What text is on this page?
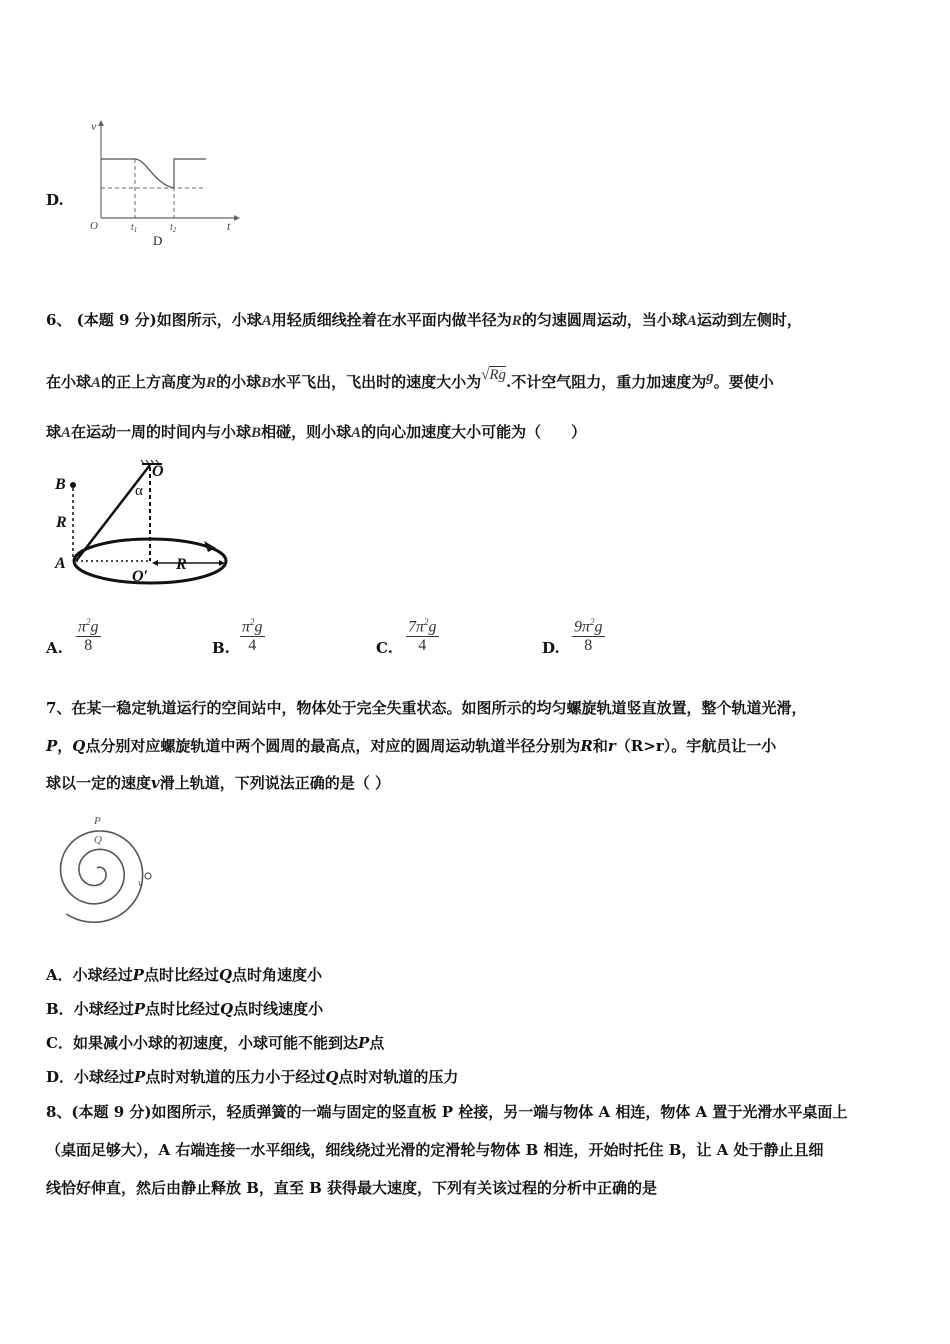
D.
v
t
O	$t_1$	$t_2$
D
6、 (本题 9 分)如图所示，小球A用轻质细线拴着在水平面内做半径为R的匀速圆周运动，当小球A运动到左侧时，
在小球A的正上方高度为R的小球B水平飞出，飞出时的速度大小为√Rg.不计空气阻力，重力加速度为g。要使小
球A在运动一周的时间内与小球B相碰，则小球A的向心加速度大小可能为（　　）
B
R
A
O
α
O′
R
A. $\frac{\pi^2g}{8}$	B. $\frac{\pi^2g}{4}$	C. $\frac{7\pi^2g}{4}$	D. $\frac{9\pi^2g}{8}$
7、在某一稳定轨道运行的空间站中，物体处于完全失重状态。如图所示的均匀螺旋轨道竖直放置，整个轨道光滑，
P，Q点分别对应螺旋轨道中两个圆周的最高点，对应的圆周运动轨道半径分别为R和r（R>r）。宇航员让一小
球以一定的速度v滑上轨道，下列说法正确的是（ ）
P
Q
v
A．小球经过P点时比经过Q点时角速度小
B．小球经过P点时比经过Q点时线速度小
C．如果减小小球的初速度，小球可能不能到达P点
D．小球经过P点时对轨道的压力小于经过Q点时对轨道的压力
8、(本题 9 分)如图所示，轻质弹簧的一端与固定的竖直板 P 栓接，另一端与物体 A 相连，物体 A 置于光滑水平桌面上
（桌面足够大），A 右端连接一水平细线，细线绕过光滑的定滑轮与物体 B 相连，开始时托住 B，让 A 处于静止且细
线恰好伸直，然后由静止释放 B，直至 B 获得最大速度，下列有关该过程的分析中正确的是
